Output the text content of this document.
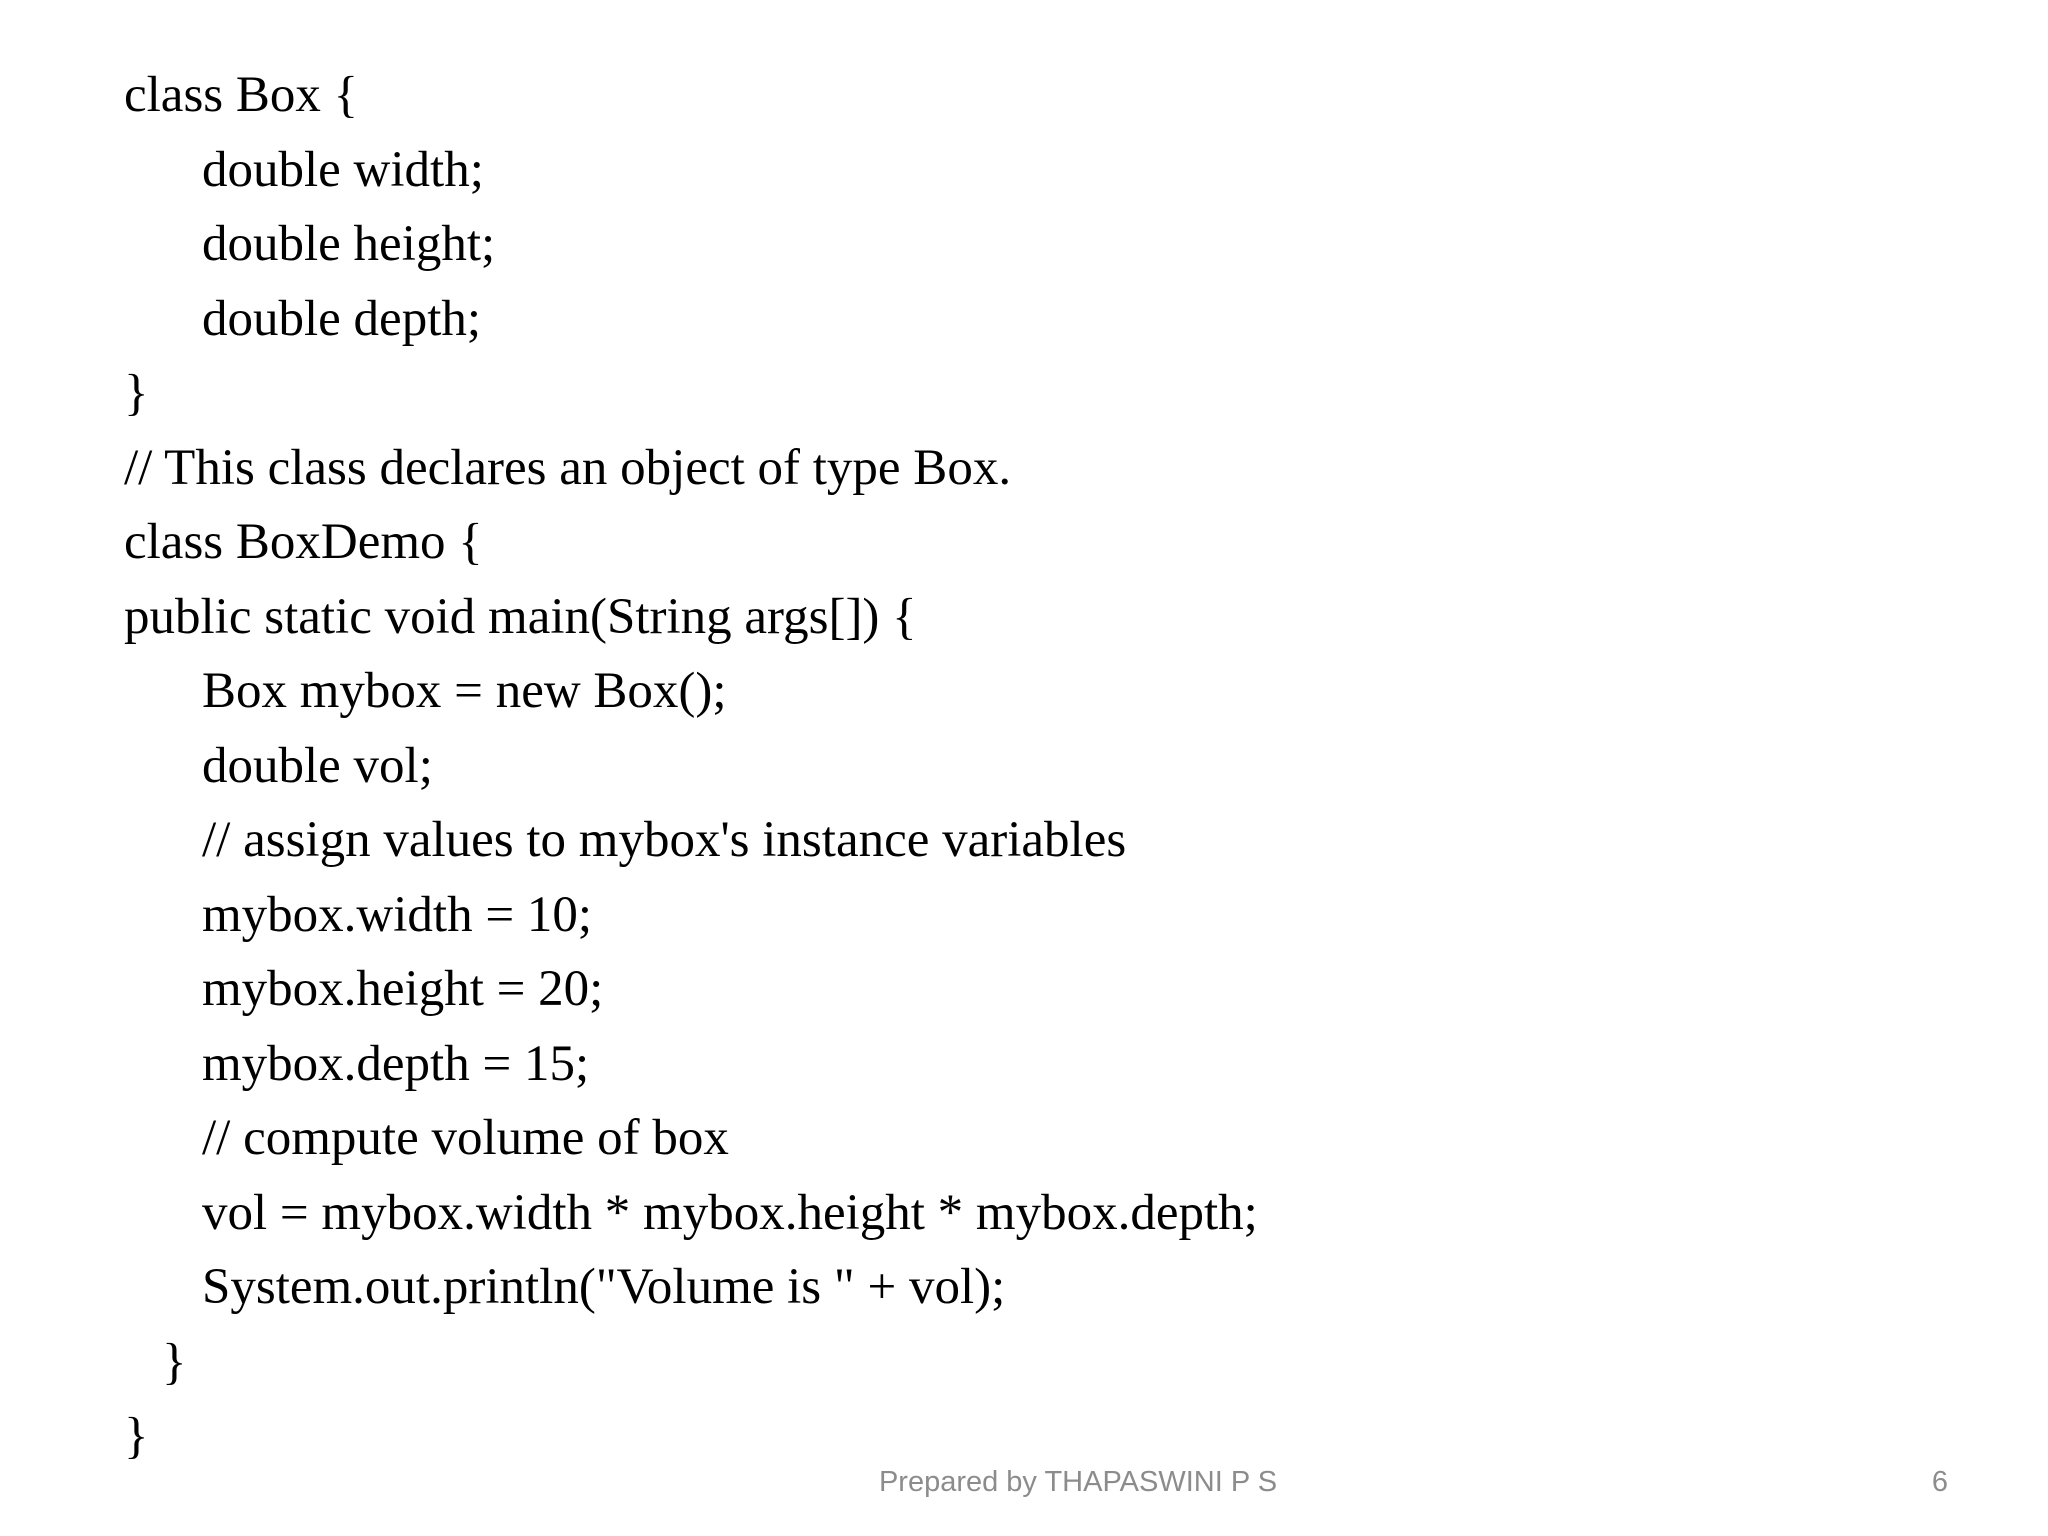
class Box {
double width;
double height;
double depth;
}
// This class declares an object of type Box.
class BoxDemo {
public static void main(String args[]) {
Box mybox = new Box();
double vol;
// assign values to mybox's instance variables
mybox.width = 10;
mybox.height = 20;
mybox.depth = 15;
// compute volume of box
vol = mybox.width * mybox.height * mybox.depth;
System.out.println("Volume is " + vol);
}
}
Prepared by THAPASWINI P S	6
